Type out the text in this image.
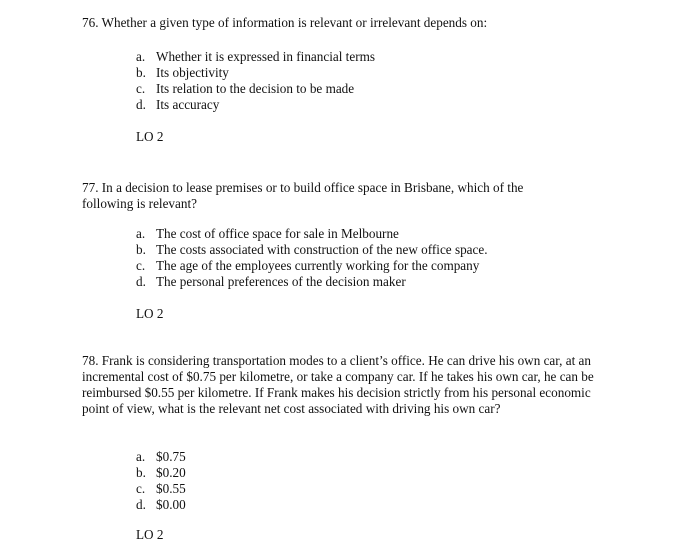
76. Whether a given type of information is relevant or irrelevant depends on:

a. Whether it is expressed in financial terms
b. Its objectivity
c. Its relation to the decision to be made
d. Its accuracy

LO 2

77. In a decision to lease premises or to build office space in Brisbane, which of the following is relevant?

a. The cost of office space for sale in Melbourne
b. The costs associated with construction of the new office space.
c. The age of the employees currently working for the company
d. The personal preferences of the decision maker

LO 2

78. Frank is considering transportation modes to a client’s office. He can drive his own car, at an incremental cost of $0.75 per kilometre, or take a company car. If he takes his own car, he can be reimbursed $0.55 per kilometre. If Frank makes his decision strictly from his personal economic point of view, what is the relevant net cost associated with driving his own car?

a. $0.75
b. $0.20
c. $0.55
d. $0.00

LO 2
